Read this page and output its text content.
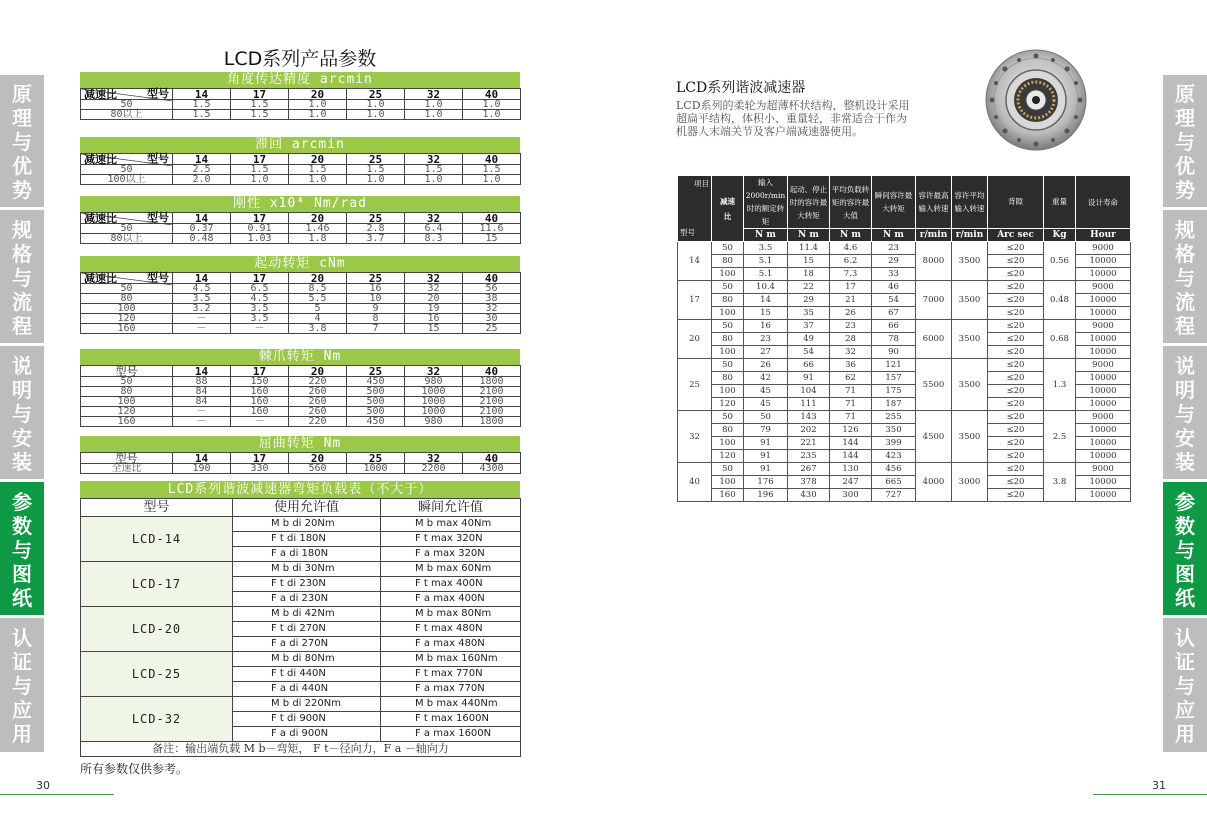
原理与优势
规格与流程
说明与安装
参数与图纸
认证与应用
原理与优势
规格与流程
说明与安装
参数与图纸
认证与应用
LCD系列产品参数
角度传达精度 arcmin
型号
减速比	14	17	20	25	32	40
50	1.5	1.5	1.0	1.0	1.0	1.0
80以上	1.5	1.5	1.0	1.0	1.0	1.0
滞回 arcmin
型号
减速比	14	17	20	25	32	40
50	2.5	1.5	1.5	1.5	1.5	1.5
100以上	2.0	1.0	1.0	1.0	1.0	1.0
刚性 x10⁴ Nm/rad
型号
减速比	14	17	20	25	32	40
50	0.37	0.91	1.46	2.8	6.4	11.6
80以上	0.48	1.03	1.8	3.7	8.3	15
起动转矩 cNm
型号
减速比	14	17	20	25	32	40
50	4.5	6.5	8.5	16	32	56
80	3.5	4.5	5.5	10	20	38
100	3.2	3.5	5	9	19	32
120	－	3.5	4	8	16	30
160	－	－	3.8	7	15	25
棘爪转矩 Nm
型号	14	17	20	25	32	40
50	88	150	220	450	980	1800
80	84	160	260	500	1000	2100
100	84	160	260	500	1000	2100
120	－	160	260	500	1000	2100
160	－	－	220	450	980	1800
屈曲转矩 Nm
型号	14	17	20	25	32	40
全速比	190	330	560	1000	2200	4300
LCD系列谐波减速器弯矩负载表（不大于）
型号	使用允许值	瞬间允许值
LCD-14	M b di 20Nm	M b max 40Nm
	F t di 180N	F t max 320N
	F a di 180N	F a max 320N
LCD-17	M b di 30Nm	M b max 60Nm
	F t di 230N	F t max 400N
	F a di 230N	F a max 400N
LCD-20	M b di 42Nm	M b max 80Nm
	F t di 270N	F t max 480N
	F a di 270N	F a max 480N
LCD-25	M b di 80Nm	M b max 160Nm
	F t di 440N	F t max 770N
	F a di 440N	F a max 770N
LCD-32	M b di 220Nm	M b max 440Nm
	F t di 900N	F t max 1600N
	F a di 900N	F a max 1600N
备注：输出端负载 M b－弯矩， F t－径向力，F a －轴向力		
所有参数仅供参考。
30	31
LCD系列谐波减速器
LCD系列的柔轮为超薄杯状结构，整机设计采用
超扁平结构，体积小、重量轻，非常适合于作为
机器人末端关节及客户端减速器使用。
项目
型号	减速比	输入2000r/min时的额定转矩	起动、停止时的容许最大转矩	平均负载转矩的容许最大值	瞬间容许最大转矩	容许最高输入转速	容许平均输入转速	背隙	重量	设计寿命
		N m	N m	N m	N m	r/min	r/min	Arc sec	Kg	Hour
14	50	3.5	11.4	4.6	23	8000	3500	≤20	0.56	9000
	80	5.1	15	6.2	29			≤20		10000
	100	5.1	18	7.3	33			≤20		10000
17	50	10.4	22	17	46	7000	3500	≤20	0.48	9000
	80	14	29	21	54			≤20		10000
	100	15	35	26	67			≤20		10000
20	50	16	37	23	66	6000	3500	≤20	0.68	9000
	80	23	49	28	78			≤20		10000
	100	27	54	32	90			≤20		10000
25	50	26	66	36	121	5500	3500	≤20	1.3	9000
	80	42	91	62	157			≤20		10000
	100	45	104	71	175			≤20		10000
	120	45	111	71	187			≤20		10000
32	50	50	143	71	255	4500	3500	≤20	2.5	9000
	80	79	202	126	350			≤20		10000
	100	91	221	144	399			≤20		10000
	120	91	235	144	423			≤20		10000
40	50	91	267	130	456	4000	3000	≤20	3.8	9000
	100	176	378	247	665			≤20		10000
	160	196	430	300	727			≤20		10000
